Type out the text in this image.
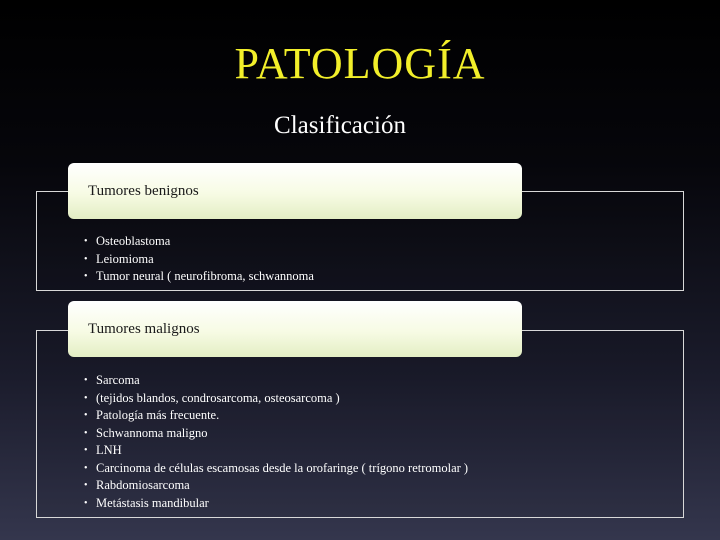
PATOLOGÍA
Clasificación
Tumores benignos
• Osteoblastoma
• Leiomioma
• Tumor neural ( neurofibroma, schwannoma
Tumores malignos
• Sarcoma
• (tejidos blandos, condrosarcoma, osteosarcoma )
• Patología más frecuente.
• Schwannoma maligno
• LNH
• Carcinoma de células escamosas desde la orofaringe ( trígono retromolar )
• Rabdomiosarcoma
• Metástasis mandibular
